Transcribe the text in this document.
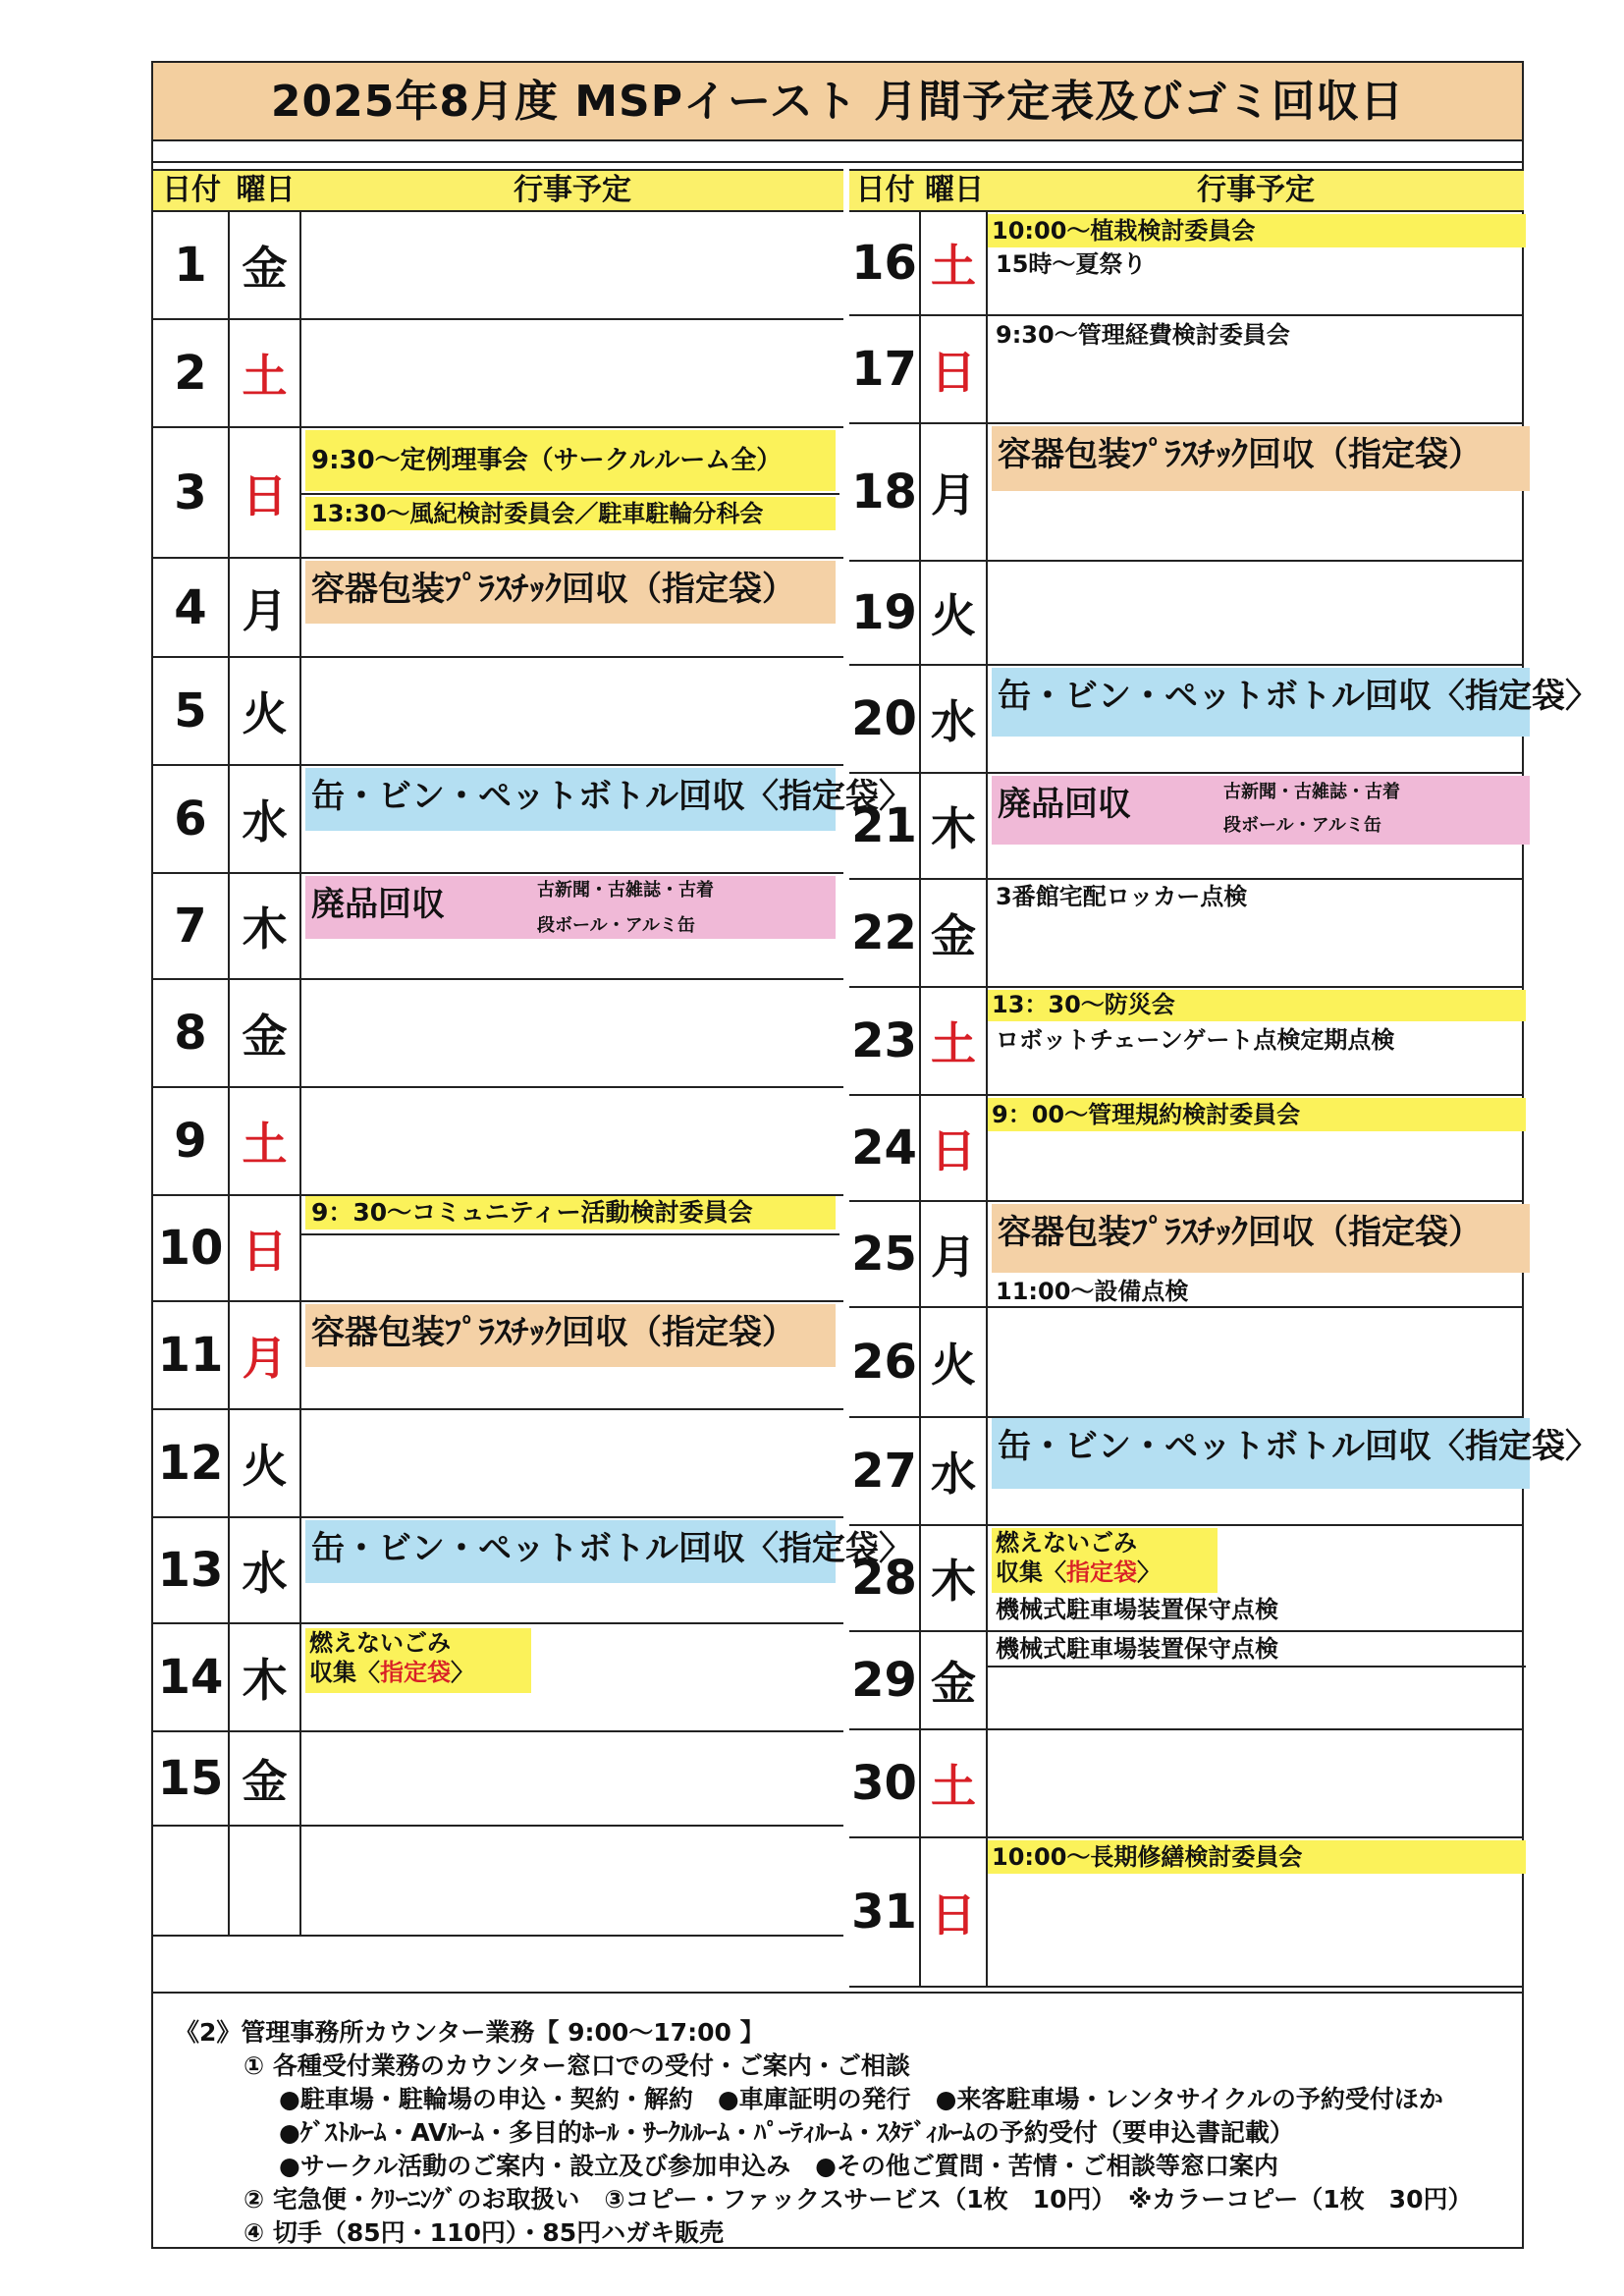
2025年8月度 MSPイースト 月間予定表及びゴミ回収日
日付 曜日	行事予定
1 金
2 土
3 日
9:30～定例理事会（サークルルーム全）
13:30～風紀検討委員会／駐車駐輪分科会
4 月 容器包装ﾌﾟﾗｽﾁｯｸ回収（指定袋）
5 火
6 水 缶・ビン・ペットボトル回収〈指定袋〉
7 木 廃品回収	古新聞・古雑誌・古着
段ボール・アルミ缶
8 金
9 土
10 日
9：30～コミュニティー活動検討委員会
11 月 容器包装ﾌﾟﾗｽﾁｯｸ回収（指定袋）
12 火
13 水 缶・ビン・ペットボトル回収〈指定袋〉
14 木
燃えないごみ
収集〈指定袋〉
15 金
日付 曜日	行事予定
16 土
10:00～植栽検討委員会
15時～夏祭り
17 日
9:30～管理経費検討委員会
18 月
容器包装ﾌﾟﾗｽﾁｯｸ回収（指定袋）
19 火
20 水 缶・ビン・ペットボトル回収〈指定袋〉
21 木 廃品回収	古新聞・古雑誌・古着
段ボール・アルミ缶
22 金
3番館宅配ロッカー点検
23 土
13：30～防災会
ロボットチェーンゲート点検定期点検
24 日
9：00～管理規約検討委員会
25 月 容器包装ﾌﾟﾗｽﾁｯｸ回収（指定袋）
11:00～設備点検
26 火
27 水
缶・ビン・ペットボトル回収〈指定袋〉
28 木
燃えないごみ
収集〈指定袋〉
機械式駐車場装置保守点検
29 金
機械式駐車場装置保守点検
30 土
31 日
10:00～長期修繕検討委員会
《2》管理事務所カウンター業務【 9:00～17:00 】
① 各種受付業務のカウンター窓口での受付・ご案内・ご相談
●駐車場・駐輪場の申込・契約・解約　●車庫証明の発行　●来客駐車場・レンタサイクルの予約受付ほか
●ｹﾞｽﾄﾙｰﾑ・AVﾙｰﾑ・多目的ﾎｰﾙ・ｻｰｸﾙﾙｰﾑ・ﾊﾟｰﾃｨﾙｰﾑ・ｽﾀﾃﾞｨﾙｰﾑの予約受付（要申込書記載）
●サークル活動のご案内・設立及び参加申込み　●その他ご質問・苦情・ご相談等窓口案内
② 宅急便・ｸﾘｰﾆﾝｸﾞのお取扱い　③コピー・ファックスサービス（1枚　10円）　※カラーコピー（1枚　30円）
④ 切手（85円・110円）・85円ハガキ販売
